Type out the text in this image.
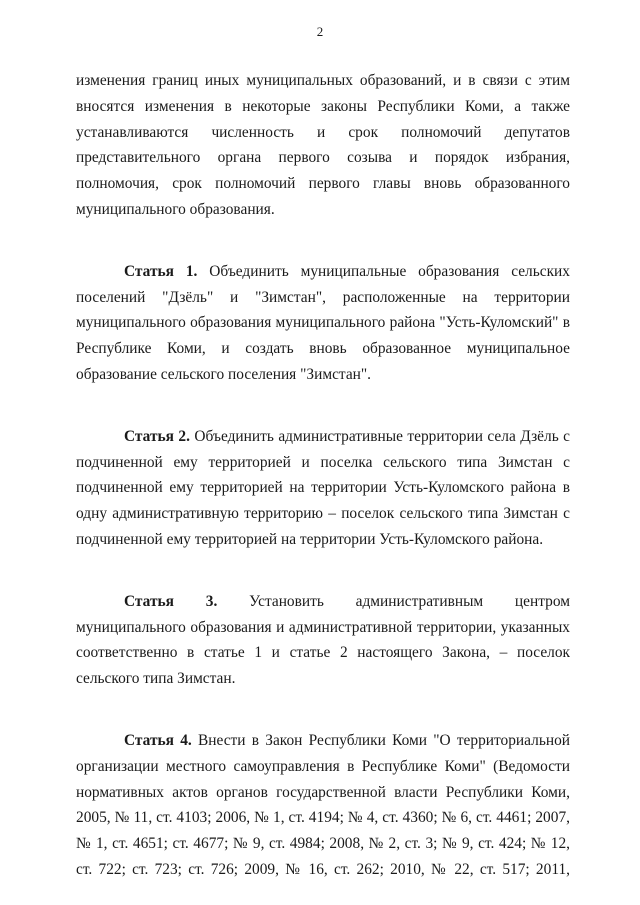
2

изменения границ иных муниципальных образований, и в связи с этим вносятся изменения в некоторые законы Республики Коми, а также устанавливаются численность и срок полномочий депутатов представительного органа первого созыва и порядок избрания, полномочия, срок полномочий первого главы вновь образованного муниципального образования.

Статья 1. Объединить муниципальные образования сельских поселений "Дзёль" и "Зимстан", расположенные на территории муниципального образования муниципального района "Усть-Куломский" в Республике Коми, и создать вновь образованное муниципальное образование сельского поселения "Зимстан".

Статья 2. Объединить административные территории села Дзёль с подчиненной ему территорией и поселка сельского типа Зимстан с подчиненной ему территорией на территории Усть-Куломского района в одну административную территорию – поселок сельского типа Зимстан с подчиненной ему территорией на территории Усть-Куломского района.

Статья 3. Установить административным центром муниципального образования и административной территории, указанных соответственно в статье 1 и статье 2 настоящего Закона, – поселок сельского типа Зимстан.

Статья 4. Внести в Закон Республики Коми "О территориальной организации местного самоуправления в Республике Коми" (Ведомости нормативных актов органов государственной власти Республики Коми, 2005, № 11, ст. 4103; 2006, № 1, ст. 4194; № 4, ст. 4360; № 6, ст. 4461; 2007, № 1, ст. 4651; ст. 4677; № 9, ст. 4984; 2008, № 2, ст. 3; № 9, ст. 424; № 12, ст. 722; ст. 723; ст. 726; 2009, № 16, ст. 262; 2010, № 22, ст. 517; 2011,
